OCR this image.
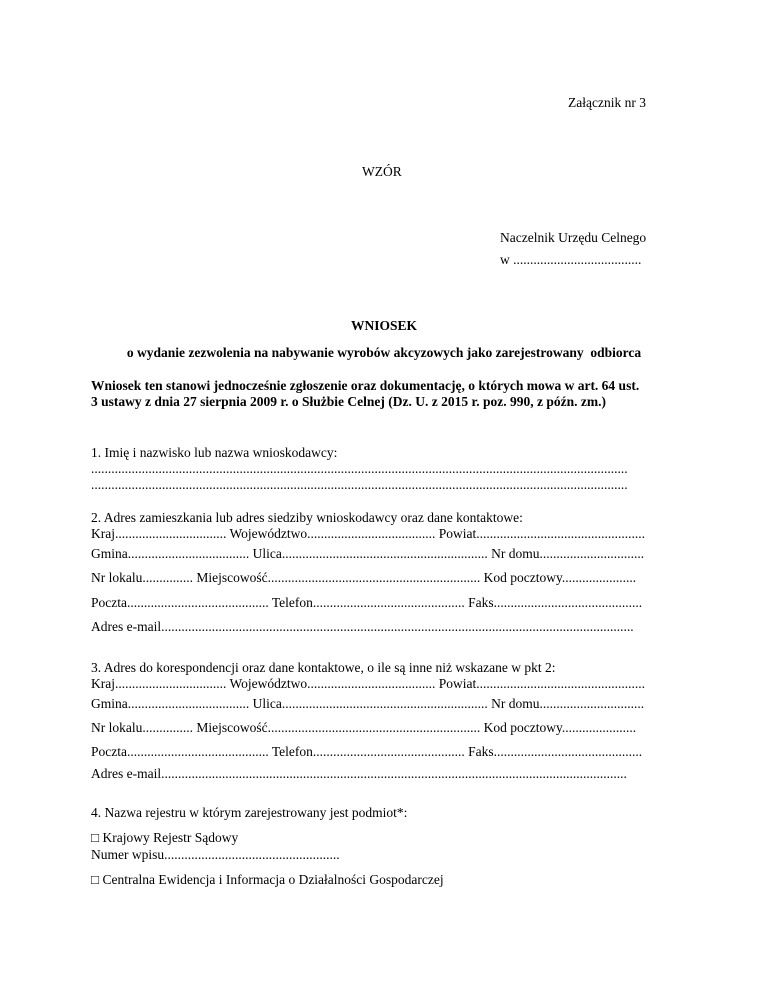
Załącznik nr 3
WZÓR
Naczelnik Urzędu Celnego
w ......................................
WNIOSEK
o wydanie zezwolenia na nabywanie wyrobów akcyzowych jako zarejestrowany  odbiorca
Wniosek ten stanowi jednocześnie zgłoszenie oraz dokumentację, o których mowa w art. 64 ust.
3 ustawy z dnia 27 sierpnia 2009 r. o Służbie Celnej (Dz. U. z 2015 r. poz. 990, z późn. zm.)
1. Imię i nazwisko lub nazwa wnioskodawcy:
...............................................................................................................................................................
...............................................................................................................................................................
2. Adres zamieszkania lub adres siedziby wnioskodawcy oraz dane kontaktowe:
Kraj................................. Województwo...................................... Powiat..................................................
Gmina.................................... Ulica............................................................. Nr domu...............................
Nr lokalu............... Miejscowość............................................................... Kod pocztowy......................
Poczta.......................................... Telefon............................................. Faks............................................
Adres e-mail............................................................................................................................................
3. Adres do korespondencji oraz dane kontaktowe, o ile są inne niż wskazane w pkt 2:
Kraj................................. Województwo...................................... Powiat..................................................
Gmina.................................... Ulica............................................................. Nr domu...............................
Nr lokalu............... Miejscowość............................................................... Kod pocztowy......................
Poczta.......................................... Telefon............................................. Faks............................................
Adres e-mail..........................................................................................................................................
4. Nazwa rejestru w którym zarejestrowany jest podmiot*:
□ Krajowy Rejestr Sądowy
Numer wpisu....................................................
□ Centralna Ewidencja i Informacja o Działalności Gospodarczej
